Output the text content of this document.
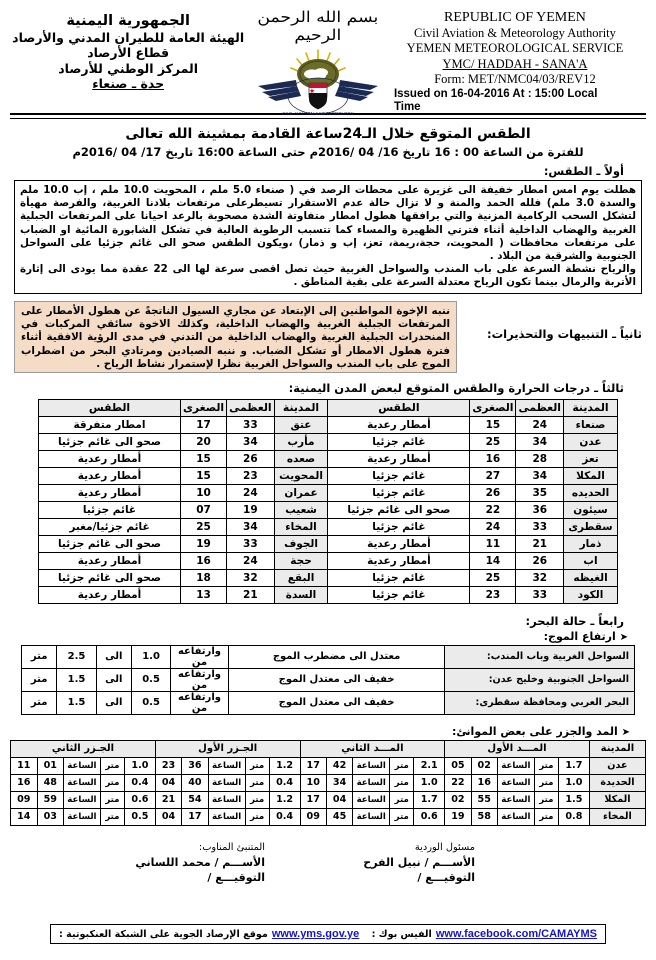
الجمهورية اليمنية
الهيئة العامة للطيران المدني والأرصاد
قطاع الأرصاد
المركز الوطني للأرصاد
حدة ـ صنعاء
بسم الله الرحمن الرحيم
CIVIL AVIATION & METEOROLOGY
REPUBLIC OF YEMEN
Civil Aviation & Meteorology Authority
YEMEN METEOROLOGICAL SERVICE
YMC/ HADDAH - SANA'A
Form: MET/NMC04/03/REV12
Issued on 16-04-2016 At : 15:00 Local
Time
الطقس المتوقع خلال الـ24ساعة القادمة بمشينة الله تعالى
للفترة من الساعة 00 : 16 تاريخ 16/ 04 /2016م حتى الساعة 16:00 تاريخ 17/ 04 /2016م
أولاً ـ الطقس:

هطلت يوم امس امطار خفيفة الى غزيرة على محطات الرصد في ( صنعاء 5.0 ملم ، المحويت 10.0 ملم ، إب 10.0 ملم والسدة 3.0 ملم) فلله الحمد والمنة و لا تزال حالة عدم الاستقرار تسيطرعلى مرتفعات بلادنا الغربية، والفرصة مهيأة لتشكل السحب الركامية المزنية والتي يرافقها هطول امطار متفاوتة الشدة مصحوبة بالرعد احيانا على المرتفعات الجبلية الغربية والهضاب الداخلية أثناء فترتي الظهيرة والمساء كما تتسبب الرطوبة العالية في تشكل الشابورة المائية او الضباب على مرتفعات محافظات ( المحويت، حجة،ريمة، تعز، إب و ذمار) ،ويكون الطقس صحو الى غائم جزئيا على السواحل الجنوبية والشرقية من البلاد .

والرياح نشطة السرعة على باب المندب والسواحل الغربية حيث تصل اقصى سرعة لها الى 22 عقدة مما يودى الى إثارة الأتربة والرمال بينما تكون الرياح معتدلة السرعة على بقية المناطق .

ثانياً ـ التنبيهات والتحذيرات:

ننبه الإخوة المواطنين إلى الإبتعاد عن مجاري السيول الناتجةً عن هطول الأمطار على المرتفعات الجبلية الغربية والهضاب الداخلية، وكذلك الاخوة سائقي المركبات في المنحدرات الجبلية الغربية والهضاب الداخلية من التدني في مدى الرؤية الافقية أثناء فترة هطول الامطار أو تشكل الضباب. و ننبه الصيادين ومرتادي البحر من اضطراب الموج على باب المندب والسواحل الغربية نظرا لإستمرار نشاط الرياح .

ثالثاً ـ درجات الحرارة والطقس المتوقع لبعض المدن اليمنية:
المدينة	العظمى	الصغرى	الطقس	المدينة	العظمى	الصغرى	الطقس
صنعاء	24	15	أمطار رعدية	عتق	33	17	امطار متفرقة
عدن	34	25	غائم جزئيا	مأرب	34	20	صحو الى غائم جزئيا
تعز	28	16	أمطار رعدية	صعده	26	15	أمطار رعدية
المكلا	34	27	غائم جزئيا	المحويت	23	15	أمطار رعدية
الحديده	35	26	غائم جزئيا	عمران	24	10	أمطار رعدية
سيئون	36	22	صحو الى غائم جزئيا	شعيب	19	07	غائم جزئيا
سقطرى	33	24	غائم جزئيا	المخاء	34	25	غائم جزئيا/مغبر
ذمار	21	11	أمطار رعدية	الجوف	33	19	صحو الى غائم جزئيا
اب	26	14	أمطار رعدية	حجة	24	16	أمطار رعدية
الغيظه	32	25	غائم جزئيا	البقع	32	18	صحو الى غائم جزئيا
الكود	33	23	غائم جزئيا	السدة	21	13	أمطار رعدية
رابعاً ـ حالة البحر:
➤ ارتفاع الموج:
السواحل الغربية وباب المندب:	معتدل الى مضطرب الموج	وارتفاعه من	1.0	الى	2.5	متر
السواحل الجنوبية وخليج عدن:	خفيف الى معتدل الموج	وارتفاعه من	0.5	الى	1.5	متر
البحر العربي ومحافظة سقطرى:	خفيف الى معتدل الموج	وارتفاعه من	0.5	الى	1.5	متر
➤ المد والجزر على بعض الموانئ:
المدينة	المـــد الأول					المـــد الثاني					الجـزر الأول					الجـزر الثاني				
عدن	1.7	متر	الساعة	02	05	2.1	متر	الساعة	42	17	1.2	متر	الساعة	36	23	1.0	متر	الساعة	01	11
الحديدة	1.0	متر	الساعة	16	22	1.0	متر	الساعة	34	10	0.4	متر	الساعة	40	04	0.4	متر	الساعة	48	16
المكلا	1.5	متر	الساعة	55	02	1.7	متر	الساعة	04	17	1.2	متر	الساعة	54	21	0.6	متر	الساعة	59	09
المخاء	0.8	متر	الساعة	58	19	0.6	متر	الساعة	45	09	0.4	متر	الساعة	17	04	0.5	متر	الساعة	03	14
المتنبئ المناوب:
الأســـم / محمد اللساني
التوقيـــع /
مسئول الوردية
الأســـم / نبيل الفرح
التوقيـــع /
موقع الإرصاد الجوية على الشبكة العنكبوتية : www.yms.gov.ye الفيس بوك : www.facebook.com/CAMAYMS
